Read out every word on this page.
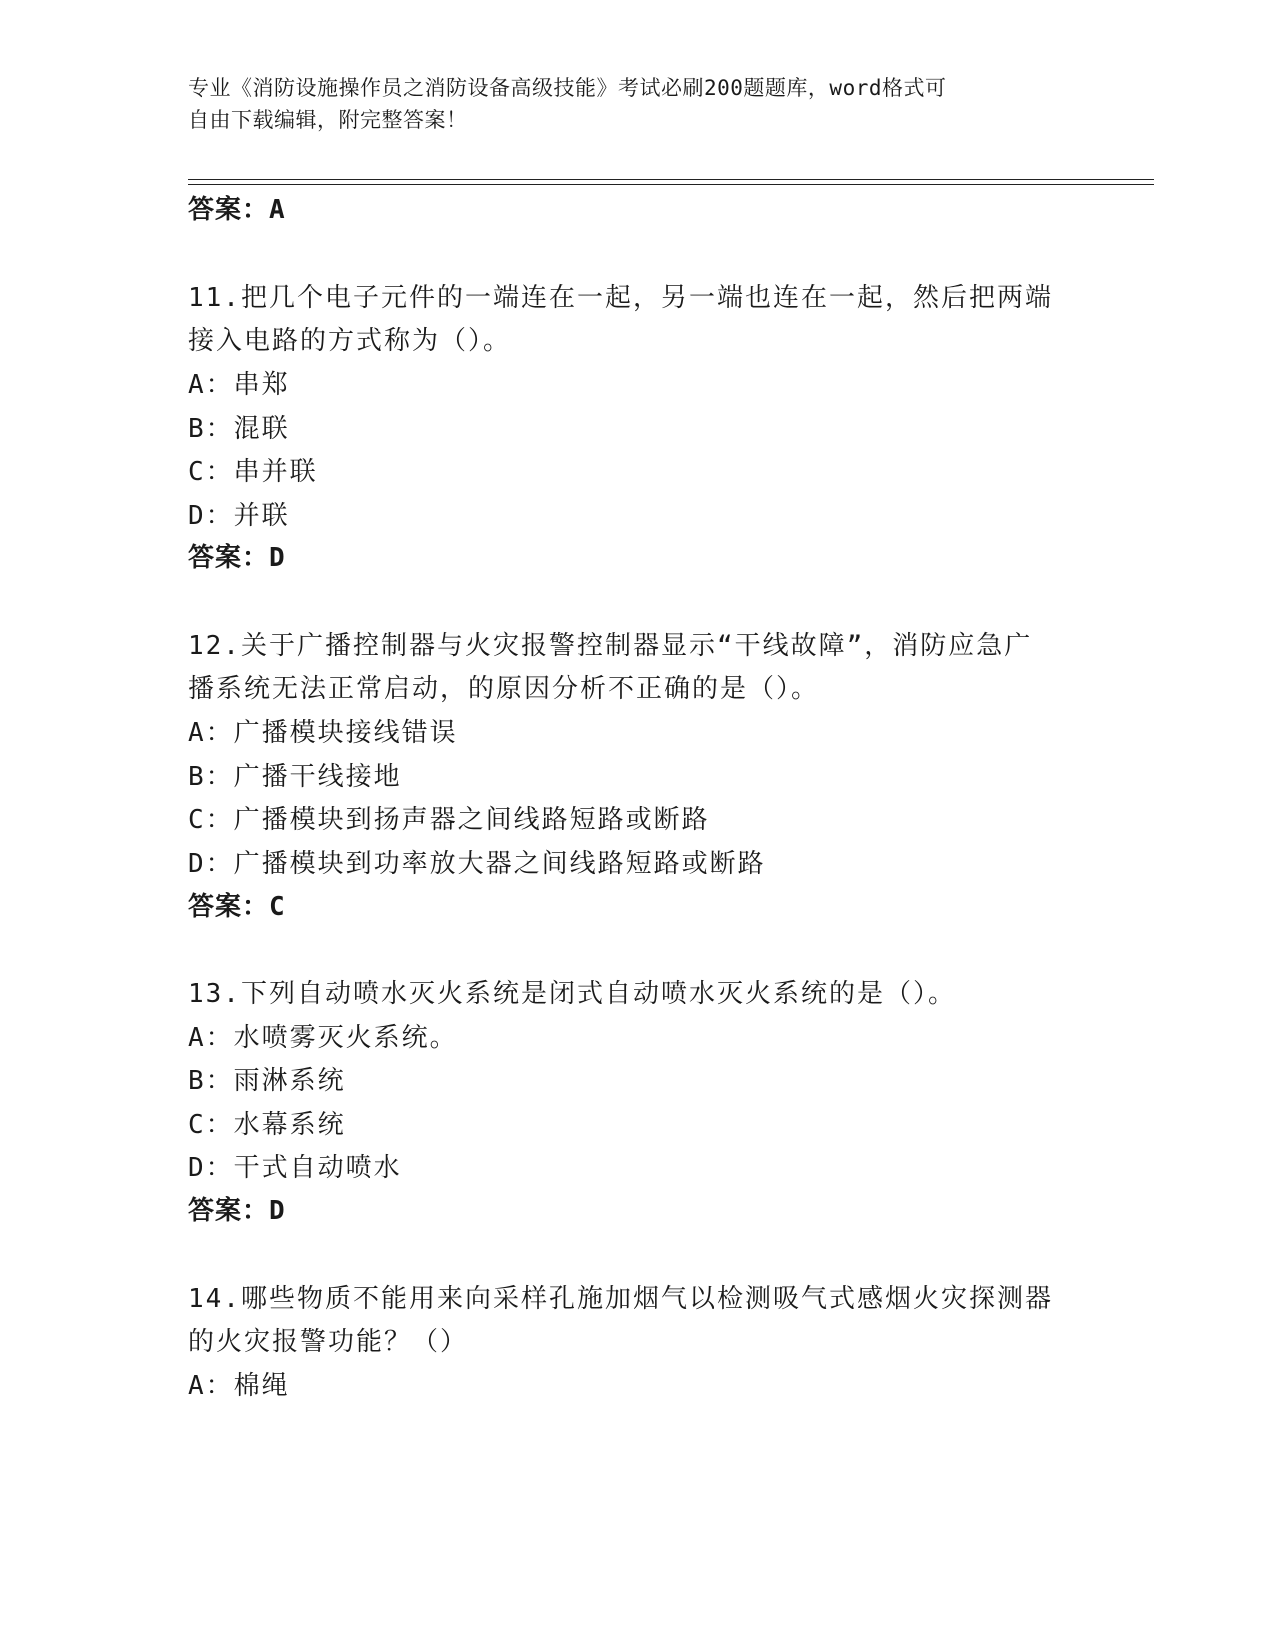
专业《消防设施操作员之消防设备高级技能》考试必刷200题题库，word格式可
自由下载编辑，附完整答案！
答案：A
11.把几个电子元件的一端连在一起，另一端也连在一起，然后把两端
接入电路的方式称为（）。
A：串郑
B：混联
C：串并联
D：并联
答案：D
12.关于广播控制器与火灾报警控制器显示“干线故障”，消防应急广
播系统无法正常启动，的原因分析不正确的是（）。
A：广播模块接线错误
B：广播干线接地
C：广播模块到扬声器之间线路短路或断路
D：广播模块到功率放大器之间线路短路或断路
答案：C
13.下列自动喷水灭火系统是闭式自动喷水灭火系统的是（）。
A：水喷雾灭火系统。
B：雨淋系统
C：水幕系统
D：干式自动喷水
答案：D
14.哪些物质不能用来向采样孔施加烟气以检测吸气式感烟火灾探测器
的火灾报警功能？（）
A：棉绳
